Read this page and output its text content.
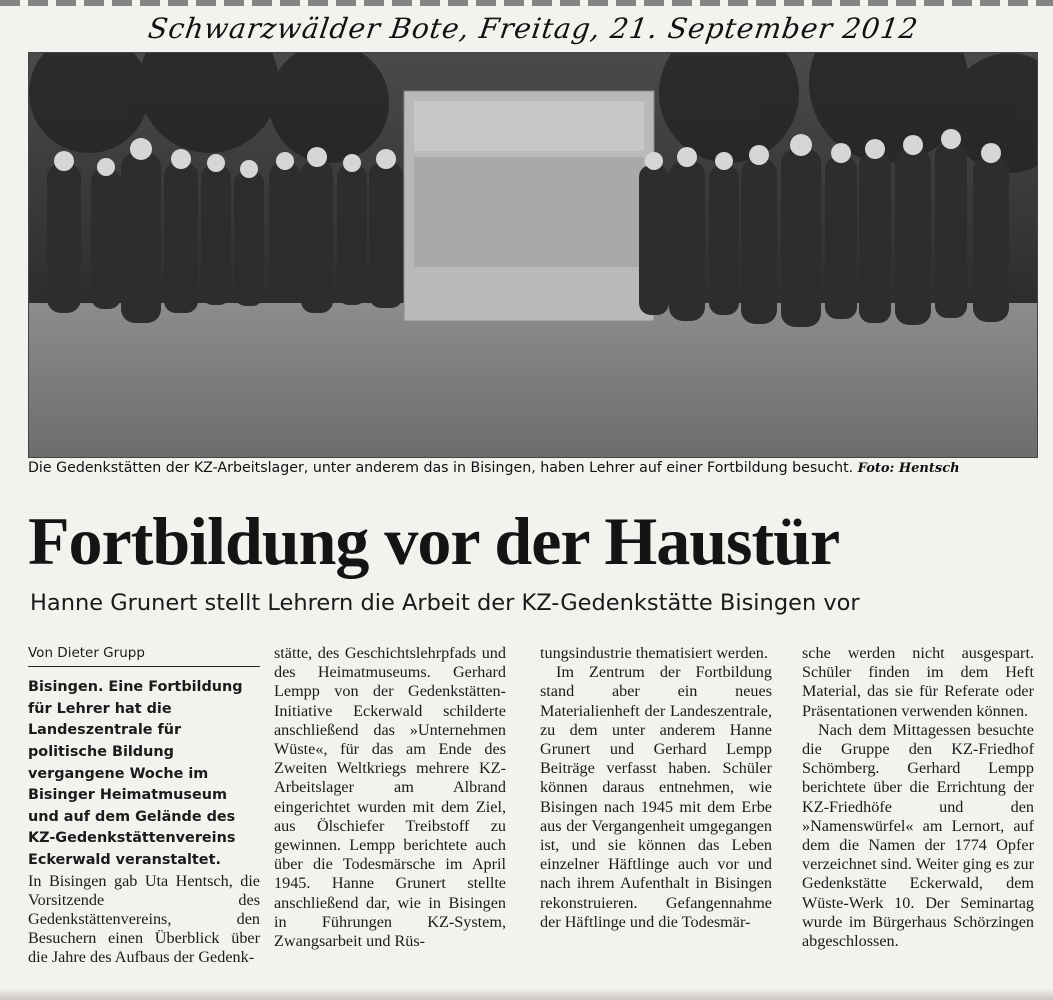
Schwarzwälder Bote, Freitag, 21. September 2012
Die Gedenkstätten der KZ-Arbeitslager, unter anderem das in Bisingen, haben Lehrer auf einer Fortbildung besucht. Foto: Hentsch
Fortbildung vor der Haustür
Hanne Grunert stellt Lehrern die Arbeit der KZ-Gedenkstätte Bisingen vor
Von Dieter Grupp

Bisingen. Eine Fortbildung für Lehrer hat die Landeszentrale für politische Bildung vergangene Woche im Bisinger Heimatmuseum und auf dem Gelände des KZ-Gedenkstättenvereins Eckerwald veranstaltet.

In Bisingen gab Uta Hentsch, die Vorsitzende des Gedenkstättenvereins, den Besuchern einen Überblick über die Jahre des Aufbaus der Gedenk-

stätte, des Geschichtslehrpfads und des Heimatmuseums. Gerhard Lempp von der Gedenkstätten-Initiative Eckerwald schilderte anschließend das »Unternehmen Wüste«, für das am Ende des Zweiten Weltkriegs mehrere KZ-Arbeitslager am Albrand eingerichtet wurden mit dem Ziel, aus Ölschiefer Treibstoff zu gewinnen. Lempp berichtete auch über die Todesmärsche im April 1945. Hanne Grunert stellte anschließend dar, wie in Bisingen in Führungen KZ-System, Zwangsarbeit und Rüs-

tungsindustrie thematisiert werden.

Im Zentrum der Fortbildung stand aber ein neues Materialienheft der Landeszentrale, zu dem unter anderem Hanne Grunert und Gerhard Lempp Beiträge verfasst haben. Schüler können daraus entnehmen, wie Bisingen nach 1945 mit dem Erbe aus der Vergangenheit umgegangen ist, und sie können das Leben einzelner Häftlinge auch vor und nach ihrem Aufenthalt in Bisingen rekonstruieren. Gefangennahme der Häftlinge und die Todesmär-

sche werden nicht ausgespart. Schüler finden im dem Heft Material, das sie für Referate oder Präsentationen verwenden können.

Nach dem Mittagessen besuchte die Gruppe den KZ-Friedhof Schömberg. Gerhard Lempp berichtete über die Errichtung der KZ-Friedhöfe und den »Namenswürfel« am Lernort, auf dem die Namen der 1774 Opfer verzeichnet sind. Weiter ging es zur Gedenkstätte Eckerwald, dem Wüste-Werk 10. Der Seminartag wurde im Bürgerhaus Schörzingen abgeschlossen.
